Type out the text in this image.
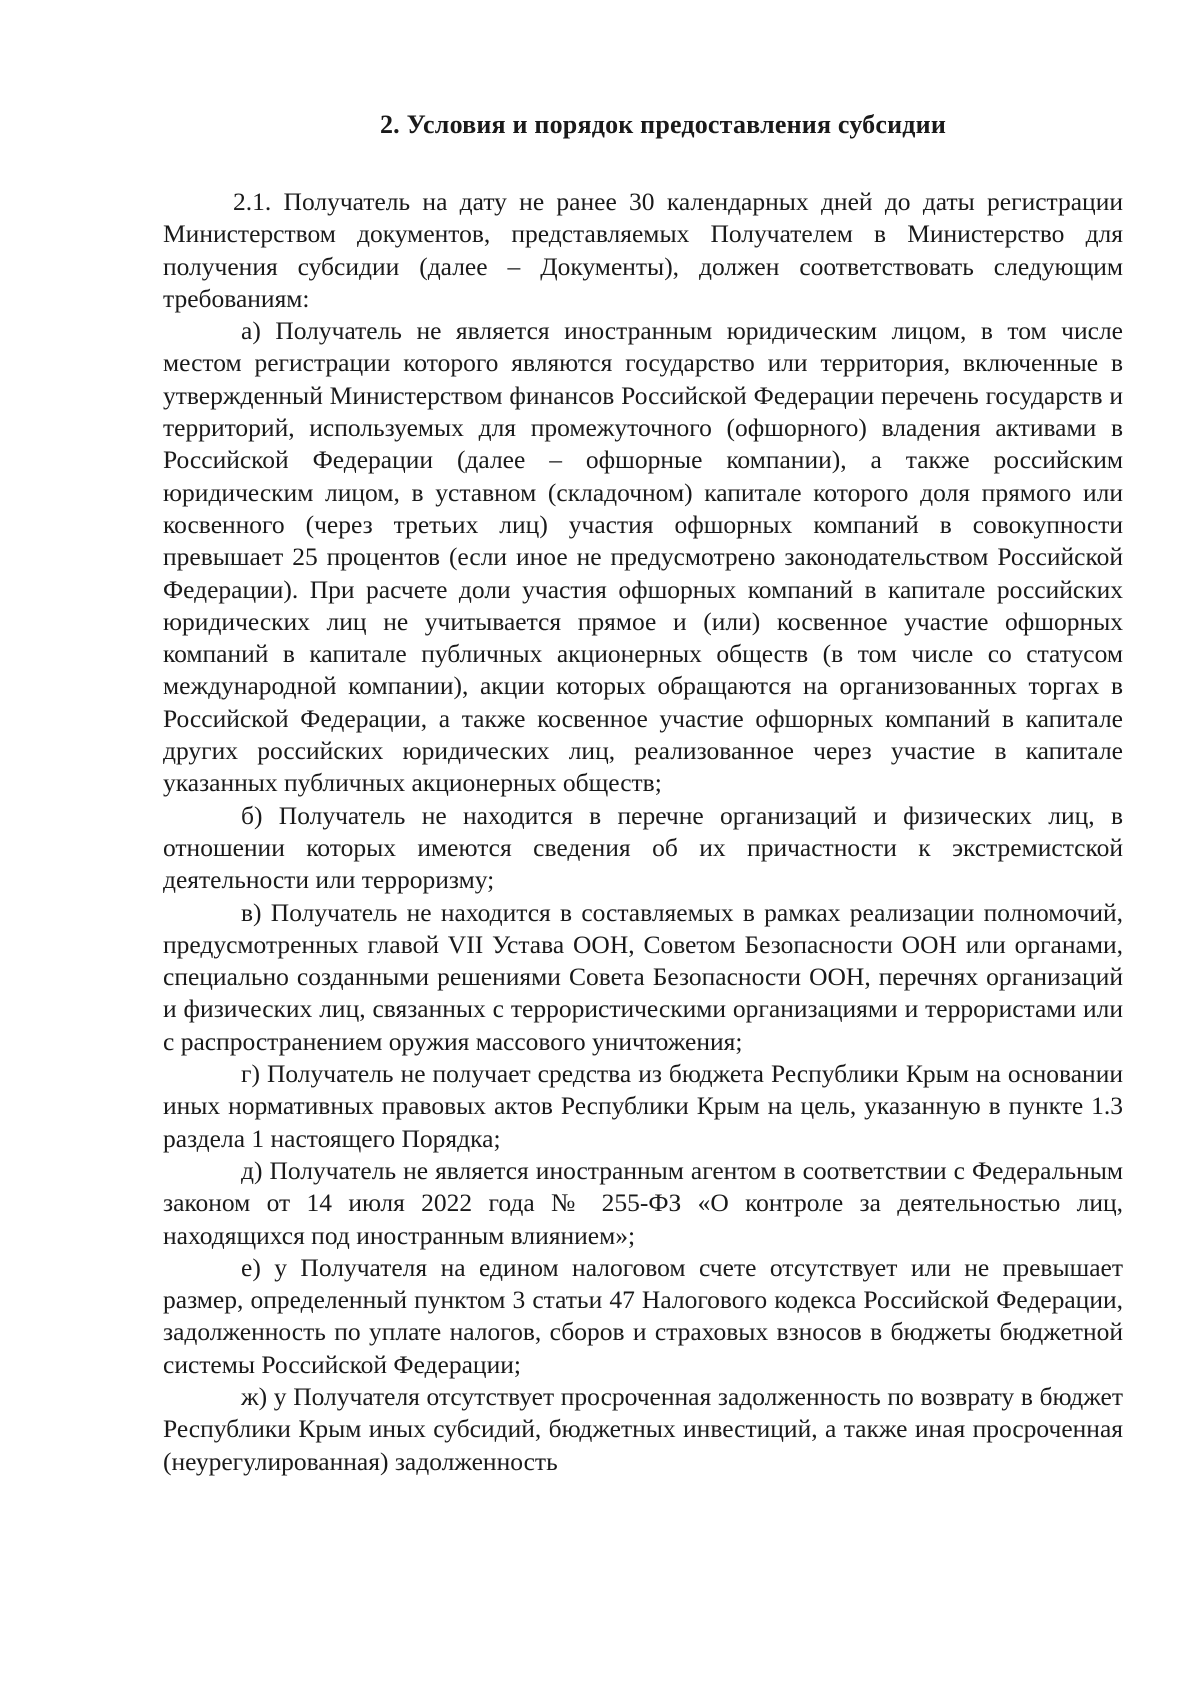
2. Условия и порядок предоставления субсидии

2.1. Получатель на дату не ранее 30 календарных дней до даты регистрации Министерством документов, представляемых Получателем в Министерство для получения субсидии (далее – Документы), должен соответствовать следующим требованиям:

а) Получатель не является иностранным юридическим лицом, в том числе местом регистрации которого являются государство или территория, включенные в утвержденный Министерством финансов Российской Федерации перечень государств и территорий, используемых для промежуточного (офшорного) владения активами в Российской Федерации (далее – офшорные компании), а также российским юридическим лицом, в уставном (складочном) капитале которого доля прямого или косвенного (через третьих лиц) участия офшорных компаний в совокупности превышает 25 процентов (если иное не предусмотрено законодательством Российской Федерации). При расчете доли участия офшорных компаний в капитале российских юридических лиц не учитывается прямое и (или) косвенное участие офшорных компаний в капитале публичных акционерных обществ (в том числе со статусом международной компании), акции которых обращаются на организованных торгах в Российской Федерации, а также косвенное участие офшорных компаний в капитале других российских юридических лиц, реализованное через участие в капитале указанных публичных акционерных обществ;

б) Получатель не находится в перечне организаций и физических лиц, в отношении которых имеются сведения об их причастности к экстремистской деятельности или терроризму;

в) Получатель не находится в составляемых в рамках реализации полномочий, предусмотренных главой VII Устава ООН, Советом Безопасности ООН или органами, специально созданными решениями Совета Безопасности ООН, перечнях организаций и физических лиц, связанных с террористическими организациями и террористами или с распространением оружия массового уничтожения;

г) Получатель не получает средства из бюджета Республики Крым на основании иных нормативных правовых актов Республики Крым на цель, указанную в пункте 1.3 раздела 1 настоящего Порядка;

д) Получатель не является иностранным агентом в соответствии с Федеральным законом от 14 июля 2022 года № 255-ФЗ «О контроле за деятельностью лиц, находящихся под иностранным влиянием»;

е) у Получателя на едином налоговом счете отсутствует или не превышает размер, определенный пунктом 3 статьи 47 Налогового кодекса Российской Федерации, задолженность по уплате налогов, сборов и страховых взносов в бюджеты бюджетной системы Российской Федерации;

ж) у Получателя отсутствует просроченная задолженность по возврату в бюджет Республики Крым иных субсидий, бюджетных инвестиций, а также иная просроченная (неурегулированная) задолженность
